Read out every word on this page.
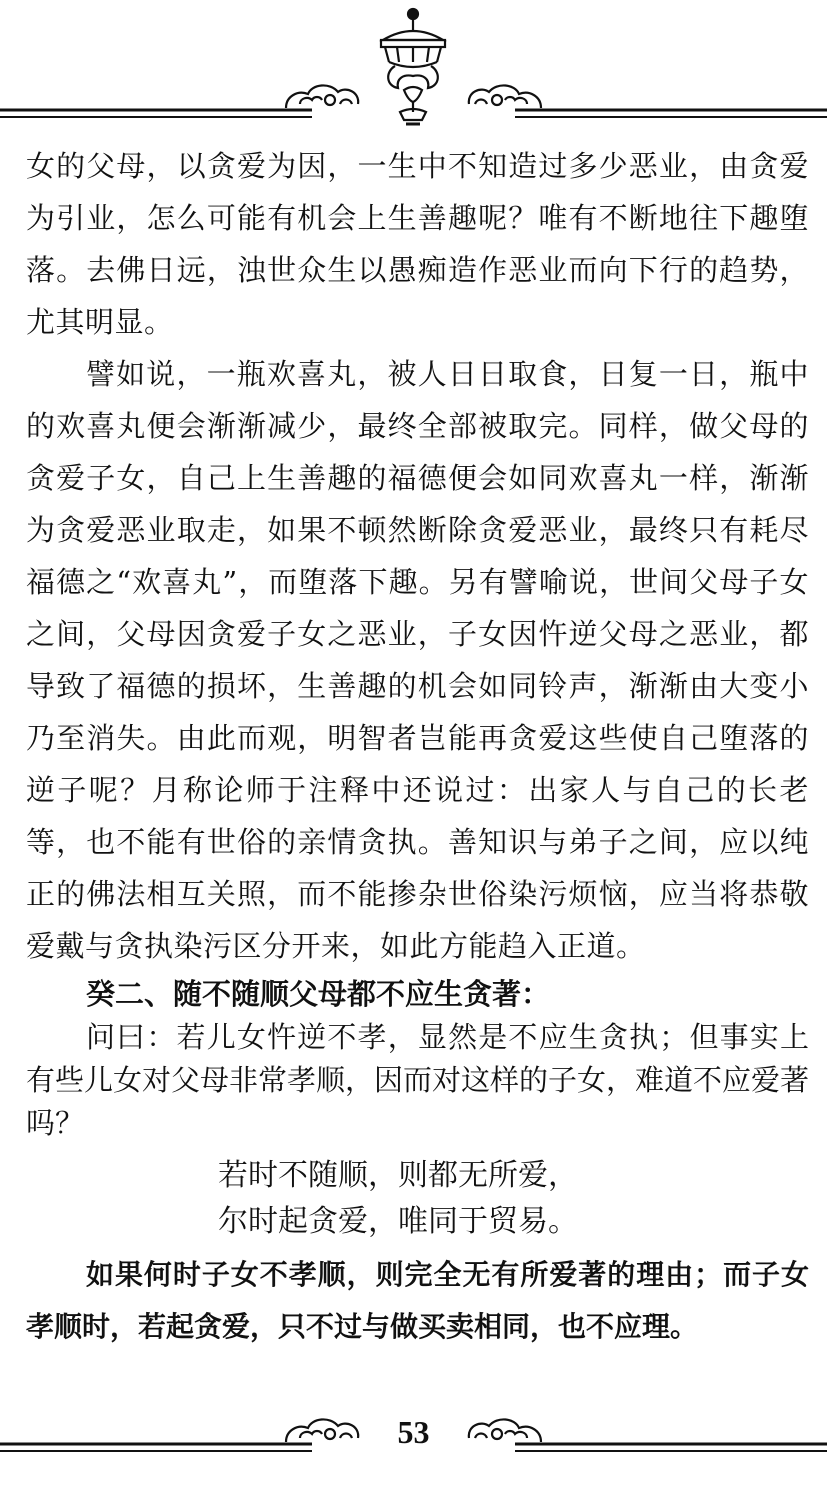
女的父母，以贪爱为因，一生中不知造过多少恶业，由贪爱为引业，怎么可能有机会上生善趣呢？唯有不断地往下趣堕落。去佛日远，浊世众生以愚痴造作恶业而向下行的趋势，尤其明显。

譬如说，一瓶欢喜丸，被人日日取食，日复一日，瓶中的欢喜丸便会渐渐减少，最终全部被取完。同样，做父母的贪爱子女，自己上生善趣的福德便会如同欢喜丸一样，渐渐为贪爱恶业取走，如果不顿然断除贪爱恶业，最终只有耗尽福德之“欢喜丸”，而堕落下趣。另有譬喻说，世间父母子女之间，父母因贪爱子女之恶业，子女因忤逆父母之恶业，都导致了福德的损坏，生善趣的机会如同铃声，渐渐由大变小乃至消失。由此而观，明智者岂能再贪爱这些使自己堕落的逆子呢？月称论师于注释中还说过：出家人与自己的长老等，也不能有世俗的亲情贪执。善知识与弟子之间，应以纯正的佛法相互关照，而不能掺杂世俗染污烦恼，应当将恭敬爱戴与贪执染污区分开来，如此方能趋入正道。

癸二、随不随顺父母都不应生贪著：

问曰：若儿女忤逆不孝，显然是不应生贪执；但事实上有些儿女对父母非常孝顺，因而对这样的子女，难道不应爱著吗？

若时不随顺，则都无所爱，
尔时起贪爱，唯同于贸易。

如果何时子女不孝顺，则完全无有所爱著的理由；而子女孝顺时，若起贪爱，只不过与做买卖相同，也不应理。

53
